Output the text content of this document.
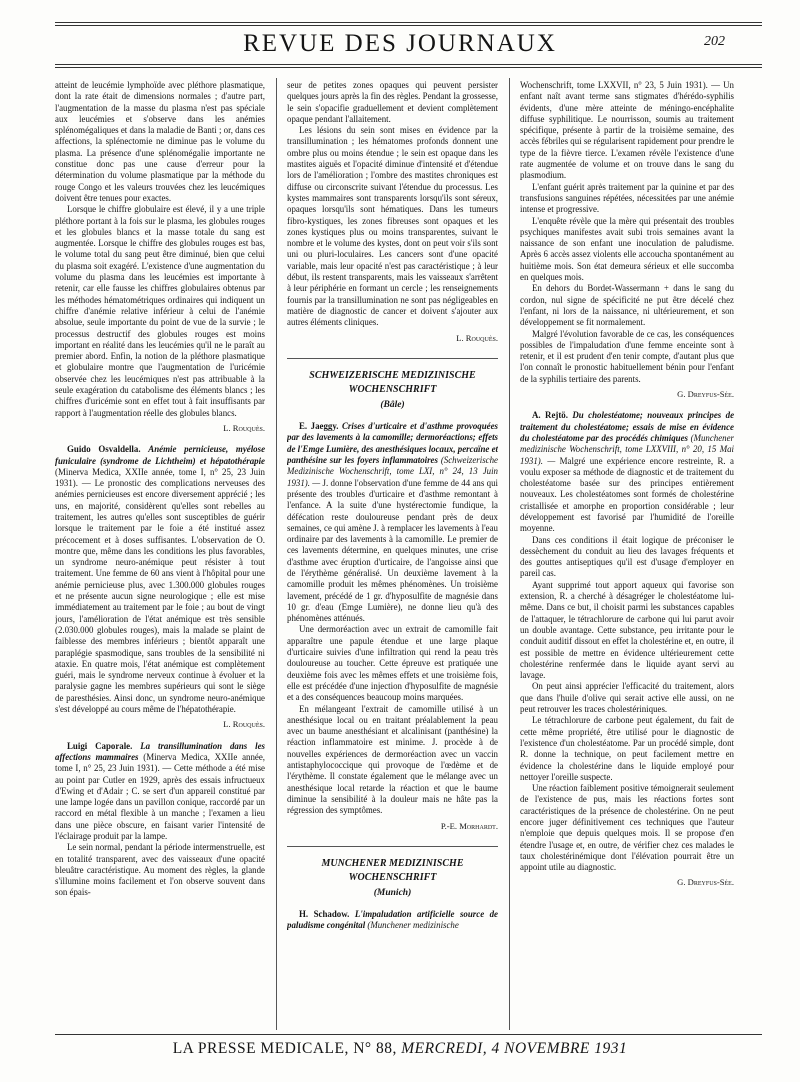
REVUE DES JOURNAUX	202

atteint de leucémie lymphoïde avec pléthore plasmatique, dont la rate était de dimensions normales ; d'autre part, l'augmentation de la masse du plasma n'est pas spéciale aux leucémies et s'observe dans les anémies splénomégaliques et dans la maladie de Banti ; or, dans ces affections, la splénectomie ne diminue pas le volume du plasma. La présence d'une splénomégalie importante ne constitue donc pas une cause d'erreur pour la détermination du volume plasmatique par la méthode du rouge Congo et les valeurs trouvées chez les leucémiques doivent être tenues pour exactes.

Lorsque le chiffre globulaire est élevé, il y a une triple pléthore portant à la fois sur le plasma, les globules rouges et les globules blancs et la masse totale du sang est augmentée. Lorsque le chiffre des globules rouges est bas, le volume total du sang peut être diminué, bien que celui du plasma soit exagéré. L'existence d'une augmentation du volume du plasma dans les leucémies est importante à retenir, car elle fausse les chiffres globulaires obtenus par les méthodes hématométriques ordinaires qui indiquent un chiffre d'anémie relative inférieur à celui de l'anémie absolue, seule importante du point de vue de la survie ; le processus destructif des globules rouges est moins important en réalité dans les leucémies qu'il ne le paraît au premier abord. Enfin, la notion de la pléthore plasmatique et globulaire montre que l'augmentation de l'uricémie observée chez les leucémiques n'est pas attribuable à la seule exagération du catabolisme des éléments blancs ; les chiffres d'uricémie sont en effet tout à fait insuffisants par rapport à l'augmentation réelle des globules blancs.

L. Rouquès.

Guido Osvaldella. Anémie pernicieuse, myélose funiculaire (syndrome de Lichtheim) et hépatothérapie (Minerva Medica, XXIIe année, tome I, n° 25, 23 Juin 1931). — Le pronostic des complications nerveuses des anémies pernicieuses est encore diversement apprécié ; les uns, en majorité, considèrent qu'elles sont rebelles au traitement, les autres qu'elles sont susceptibles de guérir lorsque le traitement par le foie a été institué assez précocement et à doses suffisantes. L'observation de O. montre que, même dans les conditions les plus favorables, un syndrome neuro-anémique peut résister à tout traitement. Une femme de 60 ans vient à l'hôpital pour une anémie pernicieuse plus, avec 1.300.000 globules rouges et ne présente aucun signe neurologique ; elle est mise immédiatement au traitement par le foie ; au bout de vingt jours, l'amélioration de l'état anémique est très sensible (2.030.000 globules rouges), mais la malade se plaint de faiblesse des membres inférieurs ; bientôt apparaît une paraplégie spasmodique, sans troubles de la sensibilité ni ataxie. En quatre mois, l'état anémique est complètement guéri, mais le syndrome nerveux continue à évoluer et la paralysie gagne les membres supérieurs qui sont le siège de paresthésies. Ainsi donc, un syndrome neuro-anémique s'est développé au cours même de l'hépatothérapie.

L. Rouquès.

Luigi Caporale. La transillumination dans les affections mammaires (Minerva Medica, XXIIe année, tome I, n° 25, 23 Juin 1931). — Cette méthode a été mise au point par Cutler en 1929, après des essais infructueux d'Ewing et d'Adair ; C. se sert d'un appareil constitué par une lampe logée dans un pavillon conique, raccordé par un raccord en métal flexible à un manche ; l'examen a lieu dans une pièce obscure, en faisant varier l'intensité de l'éclairage produit par la lampe.

Le sein normal, pendant la période intermenstruelle, est en totalité transparent, avec des vaisseaux d'une opacité bleuâtre caractéristique. Au moment des règles, la glande s'illumine moins facilement et l'on observe souvent dans son épais-

seur de petites zones opaques qui peuvent persister quelques jours après la fin des règles. Pendant la grossesse, le sein s'opacifie graduellement et devient complètement opaque pendant l'allaitement.

Les lésions du sein sont mises en évidence par la transillumination ; les hématomes profonds donnent une ombre plus ou moins étendue ; le sein est opaque dans les mastites aiguës et l'opacité diminue d'intensité et d'étendue lors de l'amélioration ; l'ombre des mastites chroniques est diffuse ou circonscrite suivant l'étendue du processus. Les kystes mammaires sont transparents lorsqu'ils sont séreux, opaques lorsqu'ils sont hématiques. Dans les tumeurs fibro-kystiques, les zones fibreuses sont opaques et les zones kystiques plus ou moins transparentes, suivant le nombre et le volume des kystes, dont on peut voir s'ils sont uni ou pluri-loculaires. Les cancers sont d'une opacité variable, mais leur opacité n'est pas caractéristique ; à leur début, ils restent transparents, mais les vaisseaux s'arrêtent à leur périphérie en formant un cercle ; les renseignements fournis par la transillumination ne sont pas négligeables en matière de diagnostic de cancer et doivent s'ajouter aux autres éléments cliniques.

L. Rouquès.
SCHWEIZERISCHE MEDIZINISCHE WOCHENSCHRIFT
(Bâle)

E. Jaeggy. Crises d'urticaire et d'asthme provoquées par des lavements à la camomille; dermoréactions; effets de l'Emge Lumière, des anesthésiques locaux, percaïne et panthésine sur les foyers inflammatoires (Schweizerische Medizinische Wochenschrift, tome LXI, n° 24, 13 Juin 1931). — J. donne l'observation d'une femme de 44 ans qui présente des troubles d'urticaire et d'asthme remontant à l'enfance. A la suite d'une hystérectomie fundique, la défécation reste douloureuse pendant près de deux semaines, ce qui amène J. à remplacer les lavements à l'eau ordinaire par des lavements à la camomille. Le premier de ces lavements détermine, en quelques minutes, une crise d'asthme avec éruption d'urticaire, de l'angoisse ainsi que de l'érythème généralisé. Un deuxième lavement à la camomille produit les mêmes phénomènes. Un troisième lavement, précédé de 1 gr. d'hyposulfite de magnésie dans 10 gr. d'eau (Emge Lumière), ne donne lieu qu'à des phénomènes atténués.

Une dermoréaction avec un extrait de camomille fait apparaître une papule étendue et une large plaque d'urticaire suivies d'une infiltration qui rend la peau très douloureuse au toucher. Cette épreuve est pratiquée une deuxième fois avec les mêmes effets et une troisième fois, elle est précédée d'une injection d'hyposulfite de magnésie et a des conséquences beaucoup moins marquées.

En mélangeant l'extrait de camomille utilisé à un anesthésique local ou en traitant préalablement la peau avec un baume anesthésiant et alcalinisant (panthésine) la réaction inflammatoire est minime. J. procède à de nouvelles expériences de dermoréaction avec un vaccin antistaphylococcique qui provoque de l'œdème et de l'érythème. Il constate également que le mélange avec un anesthésique local retarde la réaction et que le baume diminue la sensibilité à la douleur mais ne hâte pas la régression des symptômes.

P.-E. Morhardt.
MUNCHENER MEDIZINISCHE WOCHENSCHRIFT
(Munich)

H. Schadow. L'impaludation artificielle source de paludisme congénital (Munchener medizinische

Wochenschrift, tome LXXVII, n° 23, 5 Juin 1931). — Un enfant naît avant terme sans stigmates d'hérédo-syphilis évidents, d'une mère atteinte de méningo-encéphalite diffuse syphilitique. Le nourrisson, soumis au traitement spécifique, présente à partir de la troisième semaine, des accès fébriles qui se régularisent rapidement pour prendre le type de la fièvre tierce. L'examen révèle l'existence d'une rate augmentée de volume et on trouve dans le sang du plasmodium.

L'enfant guérit après traitement par la quinine et par des transfusions sanguines répétées, nécessitées par une anémie intense et progressive.

L'enquête révèle que la mère qui présentait des troubles psychiques manifestes avait subi trois semaines avant la naissance de son enfant une inoculation de paludisme. Après 6 accès assez violents elle accoucha spontanément au huitième mois. Son état demeura sérieux et elle succomba en quelques mois.

En dehors du Bordet-Wassermann + dans le sang du cordon, nul signe de spécificité ne put être décelé chez l'enfant, ni lors de la naissance, ni ultérieurement, et son développement se fit normalement.

Malgré l'évolution favorable de ce cas, les conséquences possibles de l'impaludation d'une femme enceinte sont à retenir, et il est prudent d'en tenir compte, d'autant plus que l'on connaît le pronostic habituellement bénin pour l'enfant de la syphilis tertiaire des parents.

G. Dreyfus-Sée.

A. Rejtö. Du cholestéatome; nouveaux principes de traitement du cholestéatome; essais de mise en évidence du cholestéatome par des procédés chimiques (Munchener medizinische Wochenschrift, tome LXXVIII, n° 20, 15 Mai 1931). — Malgré une expérience encore restreinte, R. a voulu exposer sa méthode de diagnostic et de traitement du cholestéatome basée sur des principes entièrement nouveaux. Les cholestéatomes sont formés de cholestérine cristallisée et amorphe en proportion considérable ; leur développement est favorisé par l'humidité de l'oreille moyenne.

Dans ces conditions il était logique de préconiser le dessèchement du conduit au lieu des lavages fréquents et des gouttes antiseptiques qu'il est d'usage d'employer en pareil cas.

Ayant supprimé tout apport aqueux qui favorise son extension, R. a cherché à désagréger le cholestéatome lui-même. Dans ce but, il choisit parmi les substances capables de l'attaquer, le tétrachlorure de carbone qui lui parut avoir un double avantage. Cette substance, peu irritante pour le conduit auditif dissout en effet la cholestérine et, en outre, il est possible de mettre en évidence ultérieurement cette cholestérine renfermée dans le liquide ayant servi au lavage.

On peut ainsi apprécier l'efficacité du traitement, alors que dans l'huile d'olive qui serait active elle aussi, on ne peut retrouver les traces cholestériniques.

Le tétrachlorure de carbone peut également, du fait de cette même propriété, être utilisé pour le diagnostic de l'existence d'un cholestéatome. Par un procédé simple, dont R. donne la technique, on peut facilement mettre en évidence la cholestérine dans le liquide employé pour nettoyer l'oreille suspecte.

Une réaction faiblement positive témoignerait seulement de l'existence de pus, mais les réactions fortes sont caractéristiques de la présence de cholestérine. On ne peut encore juger définitivement ces techniques que l'auteur n'emploie que depuis quelques mois. Il se propose d'en étendre l'usage et, en outre, de vérifier chez ces malades le taux cholestérinémique dont l'élévation pourrait être un appoint utile au diagnostic.

G. Dreyfus-Sée.
LA PRESSE MEDICALE, N° 88, MERCREDI, 4 NOVEMBRE 1931
